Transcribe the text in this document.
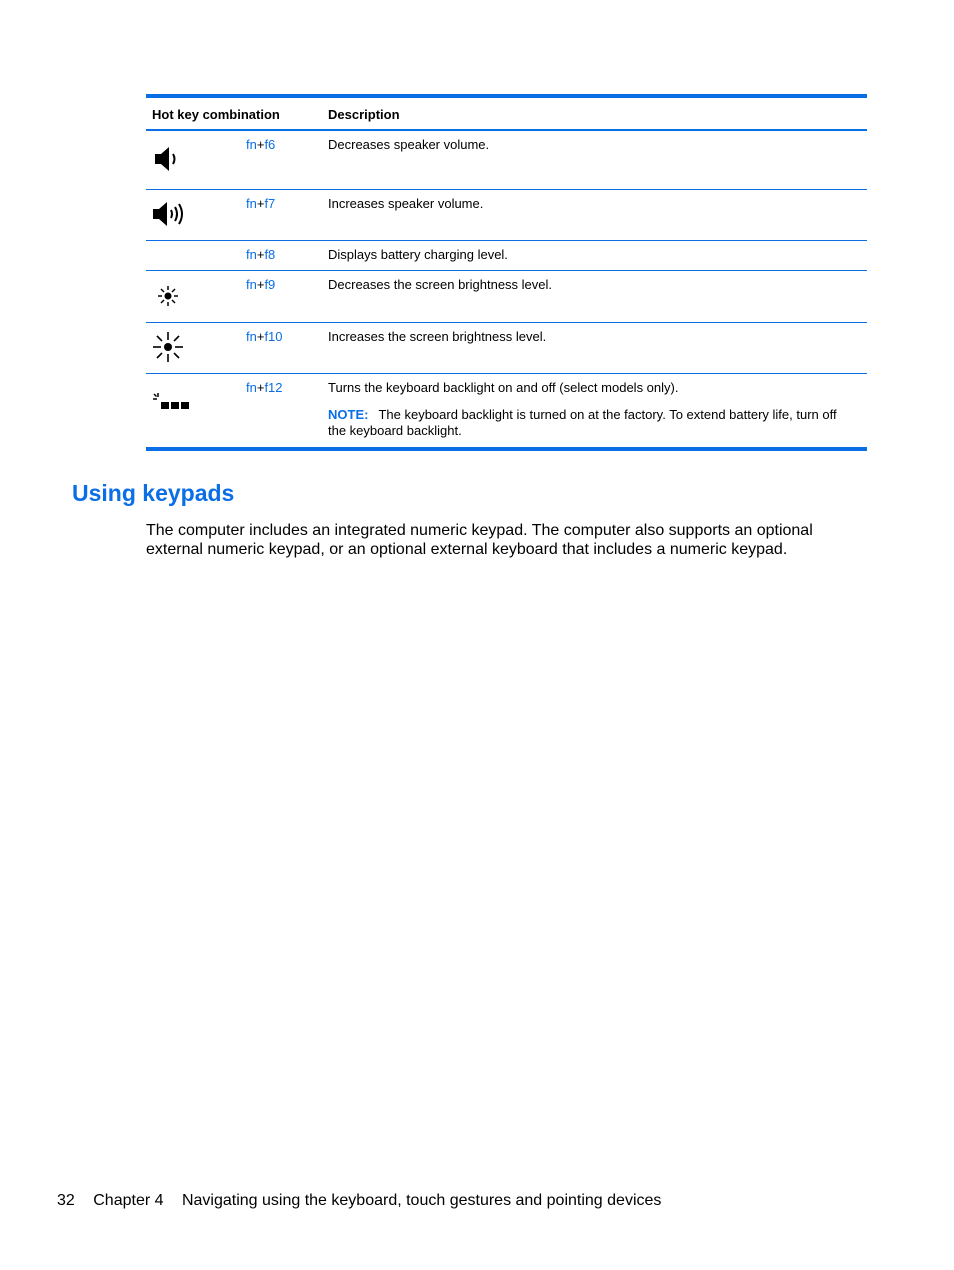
Hot key combination		Description

	fn+f6	Decreases speaker volume.

	fn+f7	Increases speaker volume.
	fn+f8	Displays battery charging level.

	fn+f9	Decreases the screen brightness level.

	fn+f10	Increases the screen brightness level.

	fn+f12	Turns the keyboard backlight on and off (select models only).
NOTE: The keyboard backlight is turned on at the factory. To extend battery life, turn off the keyboard backlight.
Using keypads

The computer includes an integrated numeric keypad. The computer also supports an optional external numeric keypad, or an optional external keyboard that includes a numeric keypad.

32 Chapter 4 Navigating using the keyboard, touch gestures and pointing devices
